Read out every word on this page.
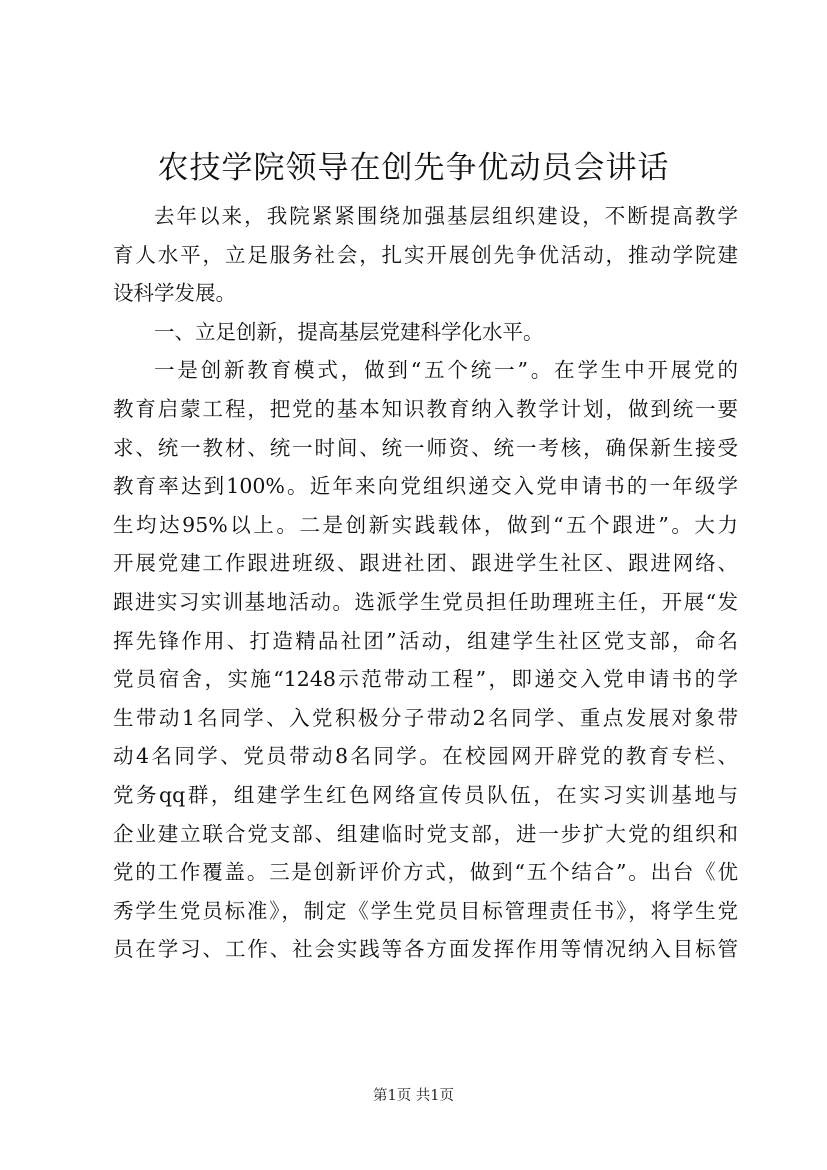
农技学院领导在创先争优动员会讲话
去年以来，我院紧紧围绕加强基层组织建设，不断提高教学
育人水平，立足服务社会，扎实开展创先争优活动，推动学院建
设科学发展。
一、立足创新，提高基层党建科学化水平。
一是创新教育模式，做到“五个统一”。在学生中开展党的
教育启蒙工程，把党的基本知识教育纳入教学计划，做到统一要
求、统一教材、统一时间、统一师资、统一考核，确保新生接受
教育率达到100%。近年来向党组织递交入党申请书的一年级学
生均达95%以上。二是创新实践载体，做到“五个跟进”。大力
开展党建工作跟进班级、跟进社团、跟进学生社区、跟进网络、
跟进实习实训基地活动。选派学生党员担任助理班主任，开展“发
挥先锋作用、打造精品社团”活动，组建学生社区党支部，命名
党员宿舍，实施“1248示范带动工程”，即递交入党申请书的学
生带动1名同学、入党积极分子带动2名同学、重点发展对象带
动4名同学、党员带动8名同学。在校园网开辟党的教育专栏、
党务qq群，组建学生红色网络宣传员队伍，在实习实训基地与
企业建立联合党支部、组建临时党支部，进一步扩大党的组织和
党的工作覆盖。三是创新评价方式，做到“五个结合”。出台《优
秀学生党员标准》，制定《学生党员目标管理责任书》，将学生党
员在学习、工作、社会实践等各方面发挥作用等情况纳入目标管
第1页 共1页
